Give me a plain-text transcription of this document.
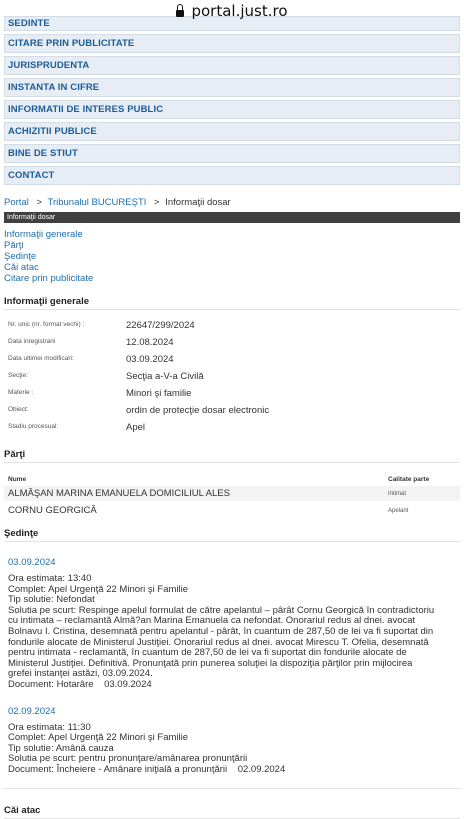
portal.just.ro
SEDINTE
CITARE PRIN PUBLICITATE
JURISPRUDENTA
INSTANTA IN CIFRE
INFORMATII DE INTERES PUBLIC
ACHIZITII PUBLICE
BINE DE STIUT
CONTACT
Portal > Tribunalul BUCUREŞTI > Informaţii dosar
Informaţii dosar
Informaţii generale
Părţi
Şedinţe
Căi atac
Citare prin publicitate
Informaţii generale
Nr. unic (nr. format vechi) :	22647/299/2024
Data inregistrarii	12.08.2024
Data ultimei modificari:	03.09.2024
Secţie:	Secţia a-V-a Civilă
Materie :	Minori şi familie
Obiect:	ordin de protecţie dosar electronic
Stadiu procesual:	Apel
Părţi
Nume	Calitate parte
ALMĂŞAN MARINA EMANUELA DOMICILIUL ALES	Intimat
CORNU GEORGICĂ	Apelant
Şedinţe
03.09.2024
Ora estimata: 13:40
Complet: Apel Urgenţă 22 Minori şi Familie
Tip solutie: Nefondat
Solutia pe scurt: Respinge apelul formulat de către apelantul – pârât Cornu Georgică în contradictoriu
cu intimata – reclamantă Almă?an Marina Emanuela ca nefondat. Onorariul redus al dnei. avocat
Bolnavu I. Cristina, desemnată pentru apelantul - pârât, în cuantum de 287,50 de lei va fi suportat din
fondurile alocate de Ministerul Justiţiei. Onorariul redus al dnei. avocat Mirescu T. Ofelia, desemnată
pentru intimata - reclamantă, în cuantum de 287,50 de lei va fi suportat din fondurile alocate de
Ministerul Justiţiei. Definitivă. Pronunţată prin punerea soluţiei la dispoziţia părţilor prin mijlocirea
grefei instanţei astăzi, 03.09.2024.
Document: Hotarâre    03.09.2024
02.09.2024
Ora estimata: 11:30
Complet: Apel Urgenţă 22 Minori şi Familie
Tip solutie: Amână cauza
Solutia pe scurt: pentru pronunţare/amânarea pronunţării
Document: Încheiere - Amânare iniţială a pronunţării    02.09.2024
Căi atac
